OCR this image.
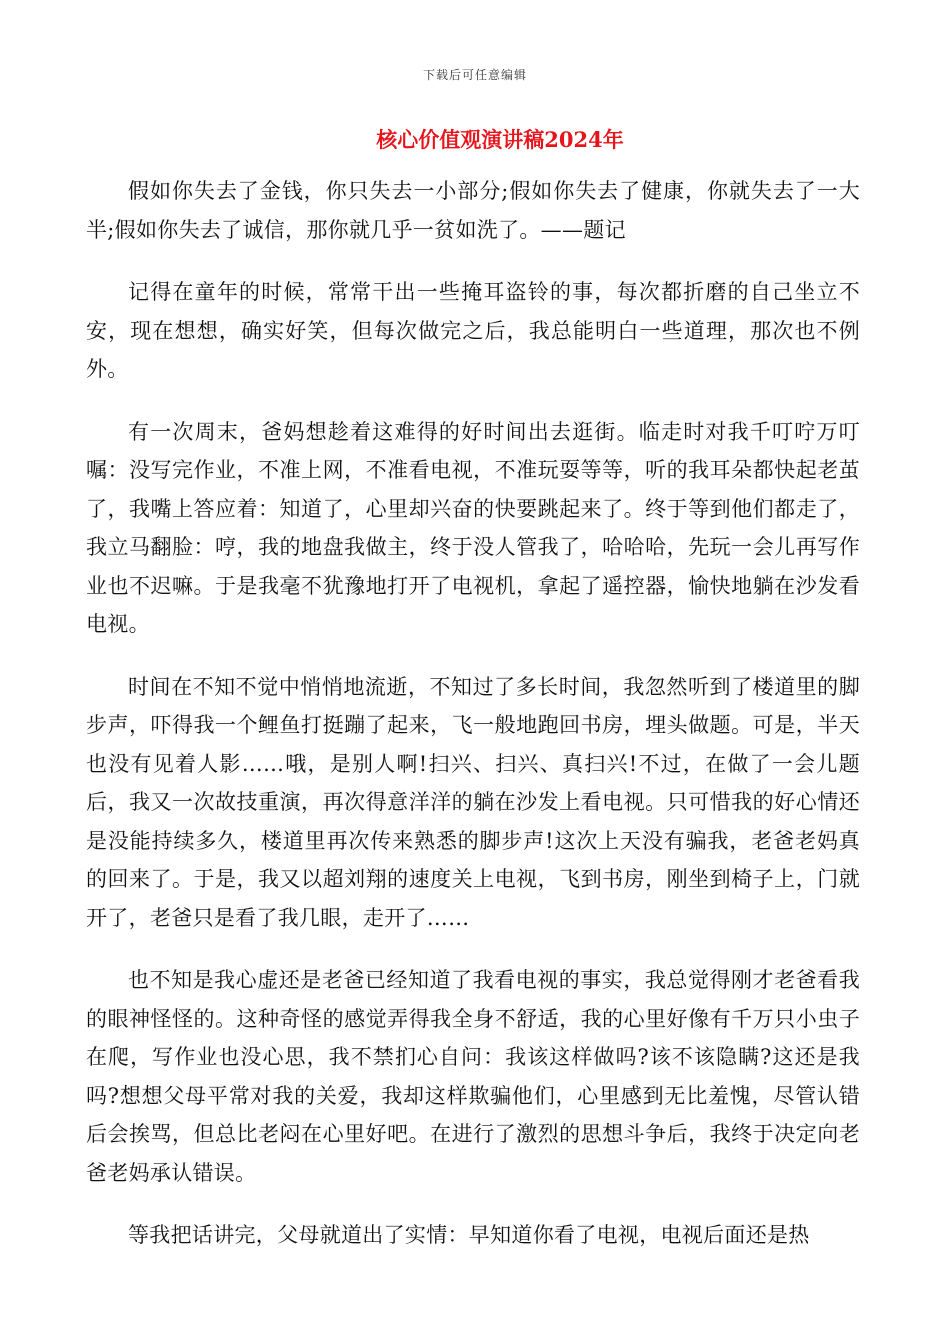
下载后可任意编辑
核心价值观演讲稿2024年

假如你失去了金钱，你只失去一小部分;假如你失去了健康，你就失去了一大半;假如你失去了诚信，那你就几乎一贫如洗了。——题记

记得在童年的时候，常常干出一些掩耳盗铃的事，每次都折磨的自己坐立不安，现在想想，确实好笑，但每次做完之后，我总能明白一些道理，那次也不例外。

有一次周末，爸妈想趁着这难得的好时间出去逛街。临走时对我千叮咛万叮嘱：没写完作业，不准上网，不准看电视，不准玩耍等等，听的我耳朵都快起老茧了，我嘴上答应着：知道了，心里却兴奋的快要跳起来了。终于等到他们都走了，我立马翻脸：哼，我的地盘我做主，终于没人管我了，哈哈哈，先玩一会儿再写作业也不迟嘛。于是我毫不犹豫地打开了电视机，拿起了遥控器，愉快地躺在沙发看电视。

时间在不知不觉中悄悄地流逝，不知过了多长时间，我忽然听到了楼道里的脚步声，吓得我一个鲤鱼打挺蹦了起来，飞一般地跑回书房，埋头做题。可是，半天也没有见着人影……哦，是别人啊!扫兴、扫兴、真扫兴!不过，在做了一会儿题后，我又一次故技重演，再次得意洋洋的躺在沙发上看电视。只可惜我的好心情还是没能持续多久，楼道里再次传来熟悉的脚步声!这次上天没有骗我，老爸老妈真的回来了。于是，我又以超刘翔的速度关上电视，飞到书房，刚坐到椅子上，门就开了，老爸只是看了我几眼，走开了……

也不知是我心虚还是老爸已经知道了我看电视的事实，我总觉得刚才老爸看我的眼神怪怪的。这种奇怪的感觉弄得我全身不舒适，我的心里好像有千万只小虫子在爬，写作业也没心思，我不禁扪心自问：我该这样做吗?该不该隐瞒?这还是我吗?想想父母平常对我的关爱，我却这样欺骗他们，心里感到无比羞愧，尽管认错后会挨骂，但总比老闷在心里好吧。在进行了激烈的思想斗争后，我终于决定向老爸老妈承认错误。

等我把话讲完，父母就道出了实情：早知道你看了电视，电视后面还是热
